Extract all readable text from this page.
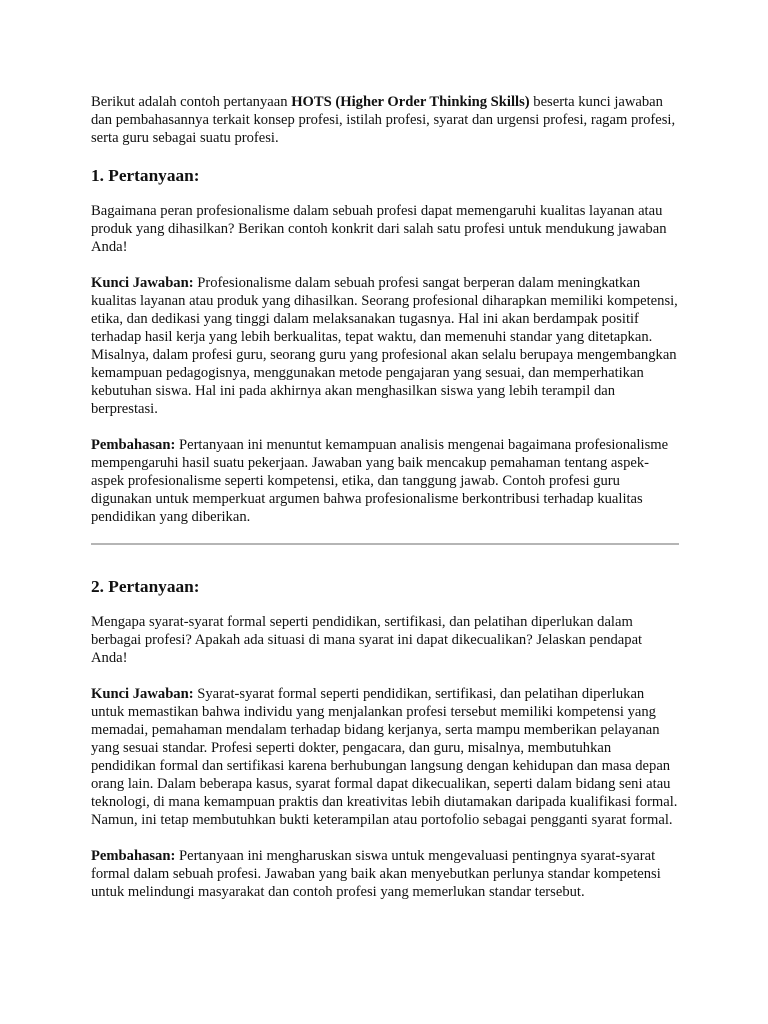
Berikut adalah contoh pertanyaan HOTS (Higher Order Thinking Skills) beserta kunci jawaban dan pembahasannya terkait konsep profesi, istilah profesi, syarat dan urgensi profesi, ragam profesi, serta guru sebagai suatu profesi.

1. Pertanyaan:

Bagaimana peran profesionalisme dalam sebuah profesi dapat memengaruhi kualitas layanan atau produk yang dihasilkan? Berikan contoh konkrit dari salah satu profesi untuk mendukung jawaban Anda!

Kunci Jawaban: Profesionalisme dalam sebuah profesi sangat berperan dalam meningkatkan kualitas layanan atau produk yang dihasilkan. Seorang profesional diharapkan memiliki kompetensi, etika, dan dedikasi yang tinggi dalam melaksanakan tugasnya. Hal ini akan berdampak positif terhadap hasil kerja yang lebih berkualitas, tepat waktu, dan memenuhi standar yang ditetapkan. Misalnya, dalam profesi guru, seorang guru yang profesional akan selalu berupaya mengembangkan kemampuan pedagogisnya, menggunakan metode pengajaran yang sesuai, dan memperhatikan kebutuhan siswa. Hal ini pada akhirnya akan menghasilkan siswa yang lebih terampil dan berprestasi.

Pembahasan: Pertanyaan ini menuntut kemampuan analisis mengenai bagaimana profesionalisme mempengaruhi hasil suatu pekerjaan. Jawaban yang baik mencakup pemahaman tentang aspek-aspek profesionalisme seperti kompetensi, etika, dan tanggung jawab. Contoh profesi guru digunakan untuk memperkuat argumen bahwa profesionalisme berkontribusi terhadap kualitas pendidikan yang diberikan.

2. Pertanyaan:

Mengapa syarat-syarat formal seperti pendidikan, sertifikasi, dan pelatihan diperlukan dalam berbagai profesi? Apakah ada situasi di mana syarat ini dapat dikecualikan? Jelaskan pendapat Anda!

Kunci Jawaban: Syarat-syarat formal seperti pendidikan, sertifikasi, dan pelatihan diperlukan untuk memastikan bahwa individu yang menjalankan profesi tersebut memiliki kompetensi yang memadai, pemahaman mendalam terhadap bidang kerjanya, serta mampu memberikan pelayanan yang sesuai standar. Profesi seperti dokter, pengacara, dan guru, misalnya, membutuhkan pendidikan formal dan sertifikasi karena berhubungan langsung dengan kehidupan dan masa depan orang lain. Dalam beberapa kasus, syarat formal dapat dikecualikan, seperti dalam bidang seni atau teknologi, di mana kemampuan praktis dan kreativitas lebih diutamakan daripada kualifikasi formal. Namun, ini tetap membutuhkan bukti keterampilan atau portofolio sebagai pengganti syarat formal.

Pembahasan: Pertanyaan ini mengharuskan siswa untuk mengevaluasi pentingnya syarat-syarat formal dalam sebuah profesi. Jawaban yang baik akan menyebutkan perlunya standar kompetensi untuk melindungi masyarakat dan contoh profesi yang memerlukan standar tersebut.
